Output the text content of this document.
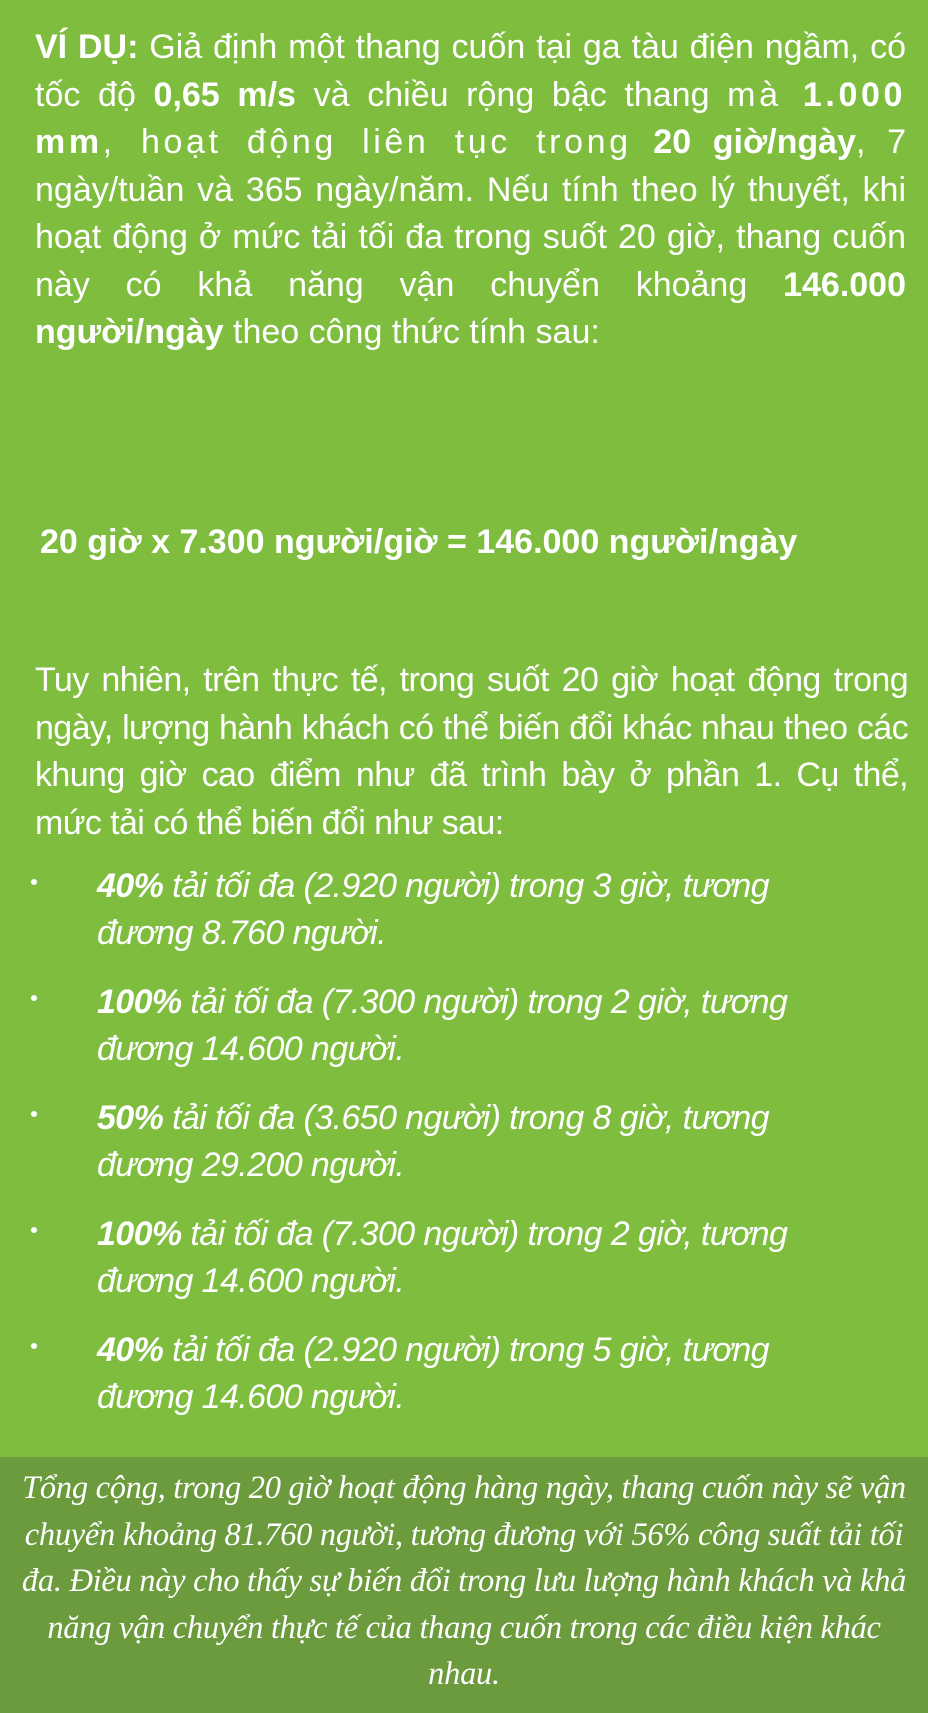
VÍ DỤ: Giả định một thang cuốn tại ga tàu điện ngầm, có tốc độ 0,65 m/s và chiều rộng bậc thang mà 1.000 mm, hoạt động liên tục trong 20 giờ/ngày, 7 ngày/tuần và 365 ngày/năm. Nếu tính theo lý thuyết, khi hoạt động ở mức tải tối đa trong suốt 20 giờ, thang cuốn này có khả năng vận chuyển khoảng 146.000 người/ngày theo công thức tính sau:
20 giờ x 7.300 người/giờ = 146.000 người/ngày
Tuy nhiên, trên thực tế, trong suốt 20 giờ hoạt động trong ngày, lượng hành khách có thể biến đổi khác nhau theo các khung giờ cao điểm như đã trình bày ở phần 1. Cụ thể, mức tải có thể biến đổi như sau:
40% tải tối đa (2.920 người) trong 3 giờ, tương
đương 8.760 người.
100% tải tối đa (7.300 người) trong 2 giờ, tương
đương 14.600 người.
50% tải tối đa (3.650 người) trong 8 giờ, tương
đương 29.200 người.
100% tải tối đa (7.300 người) trong 2 giờ, tương
đương 14.600 người.
40% tải tối đa (2.920 người) trong 5 giờ, tương
đương 14.600 người.
Tổng cộng, trong 20 giờ hoạt động hàng ngày, thang cuốn này sẽ vận chuyển khoảng 81.760 người, tương đương với 56% công suất tải tối đa. Điều này cho thấy sự biến đổi trong lưu lượng hành khách và khả năng vận chuyển thực tế của thang cuốn trong các điều kiện khác nhau.
